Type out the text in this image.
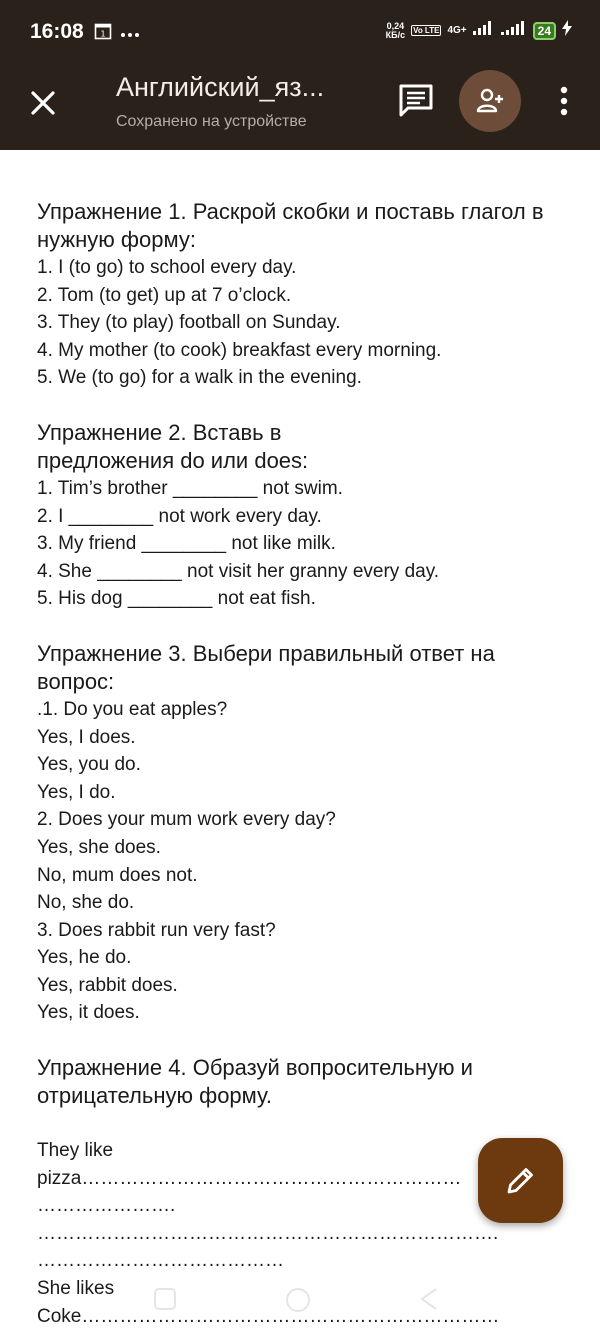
16:08 1
0,24
КБ/с Vo LTE 4G+	24
Английский_яз...
Сохранено на устройстве

Упражнение 1. Раскрой скобки и поставь глагол в нужную форму:

1. I (to go) to school every day.

2. Tom (to get) up at 7 o’clock.

3. They (to play) football on Sunday.

4. My mother (to cook) breakfast every morning.

5. We (to go) for a walk in the evening.

Упражнение 2. Вставь в

предложения do или does:

1. Tim’s brother ________ not swim.

2. I ________ not work every day.

3. My friend ________ not like milk.

4. She ________ not visit her granny every day.

5. His dog ________ not eat fish.

Упражнение 3. Выбери правильный ответ на вопрос:

.1. Do you eat apples?

Yes, I does.

Yes, you do.

Yes, I do.

2. Does your mum work every day?

Yes, she does.

No, mum does not.

No, she do.

3. Does rabbit run very fast?

Yes, he do.

Yes, rabbit does.

Yes, it does.

Упражнение 4. Образуй вопросительную и отрицательную форму.

They like

pizza……………………………………………………

………………….

……………………………………………………………….

…………………………………

She likes

Coke…………………………………………………………
